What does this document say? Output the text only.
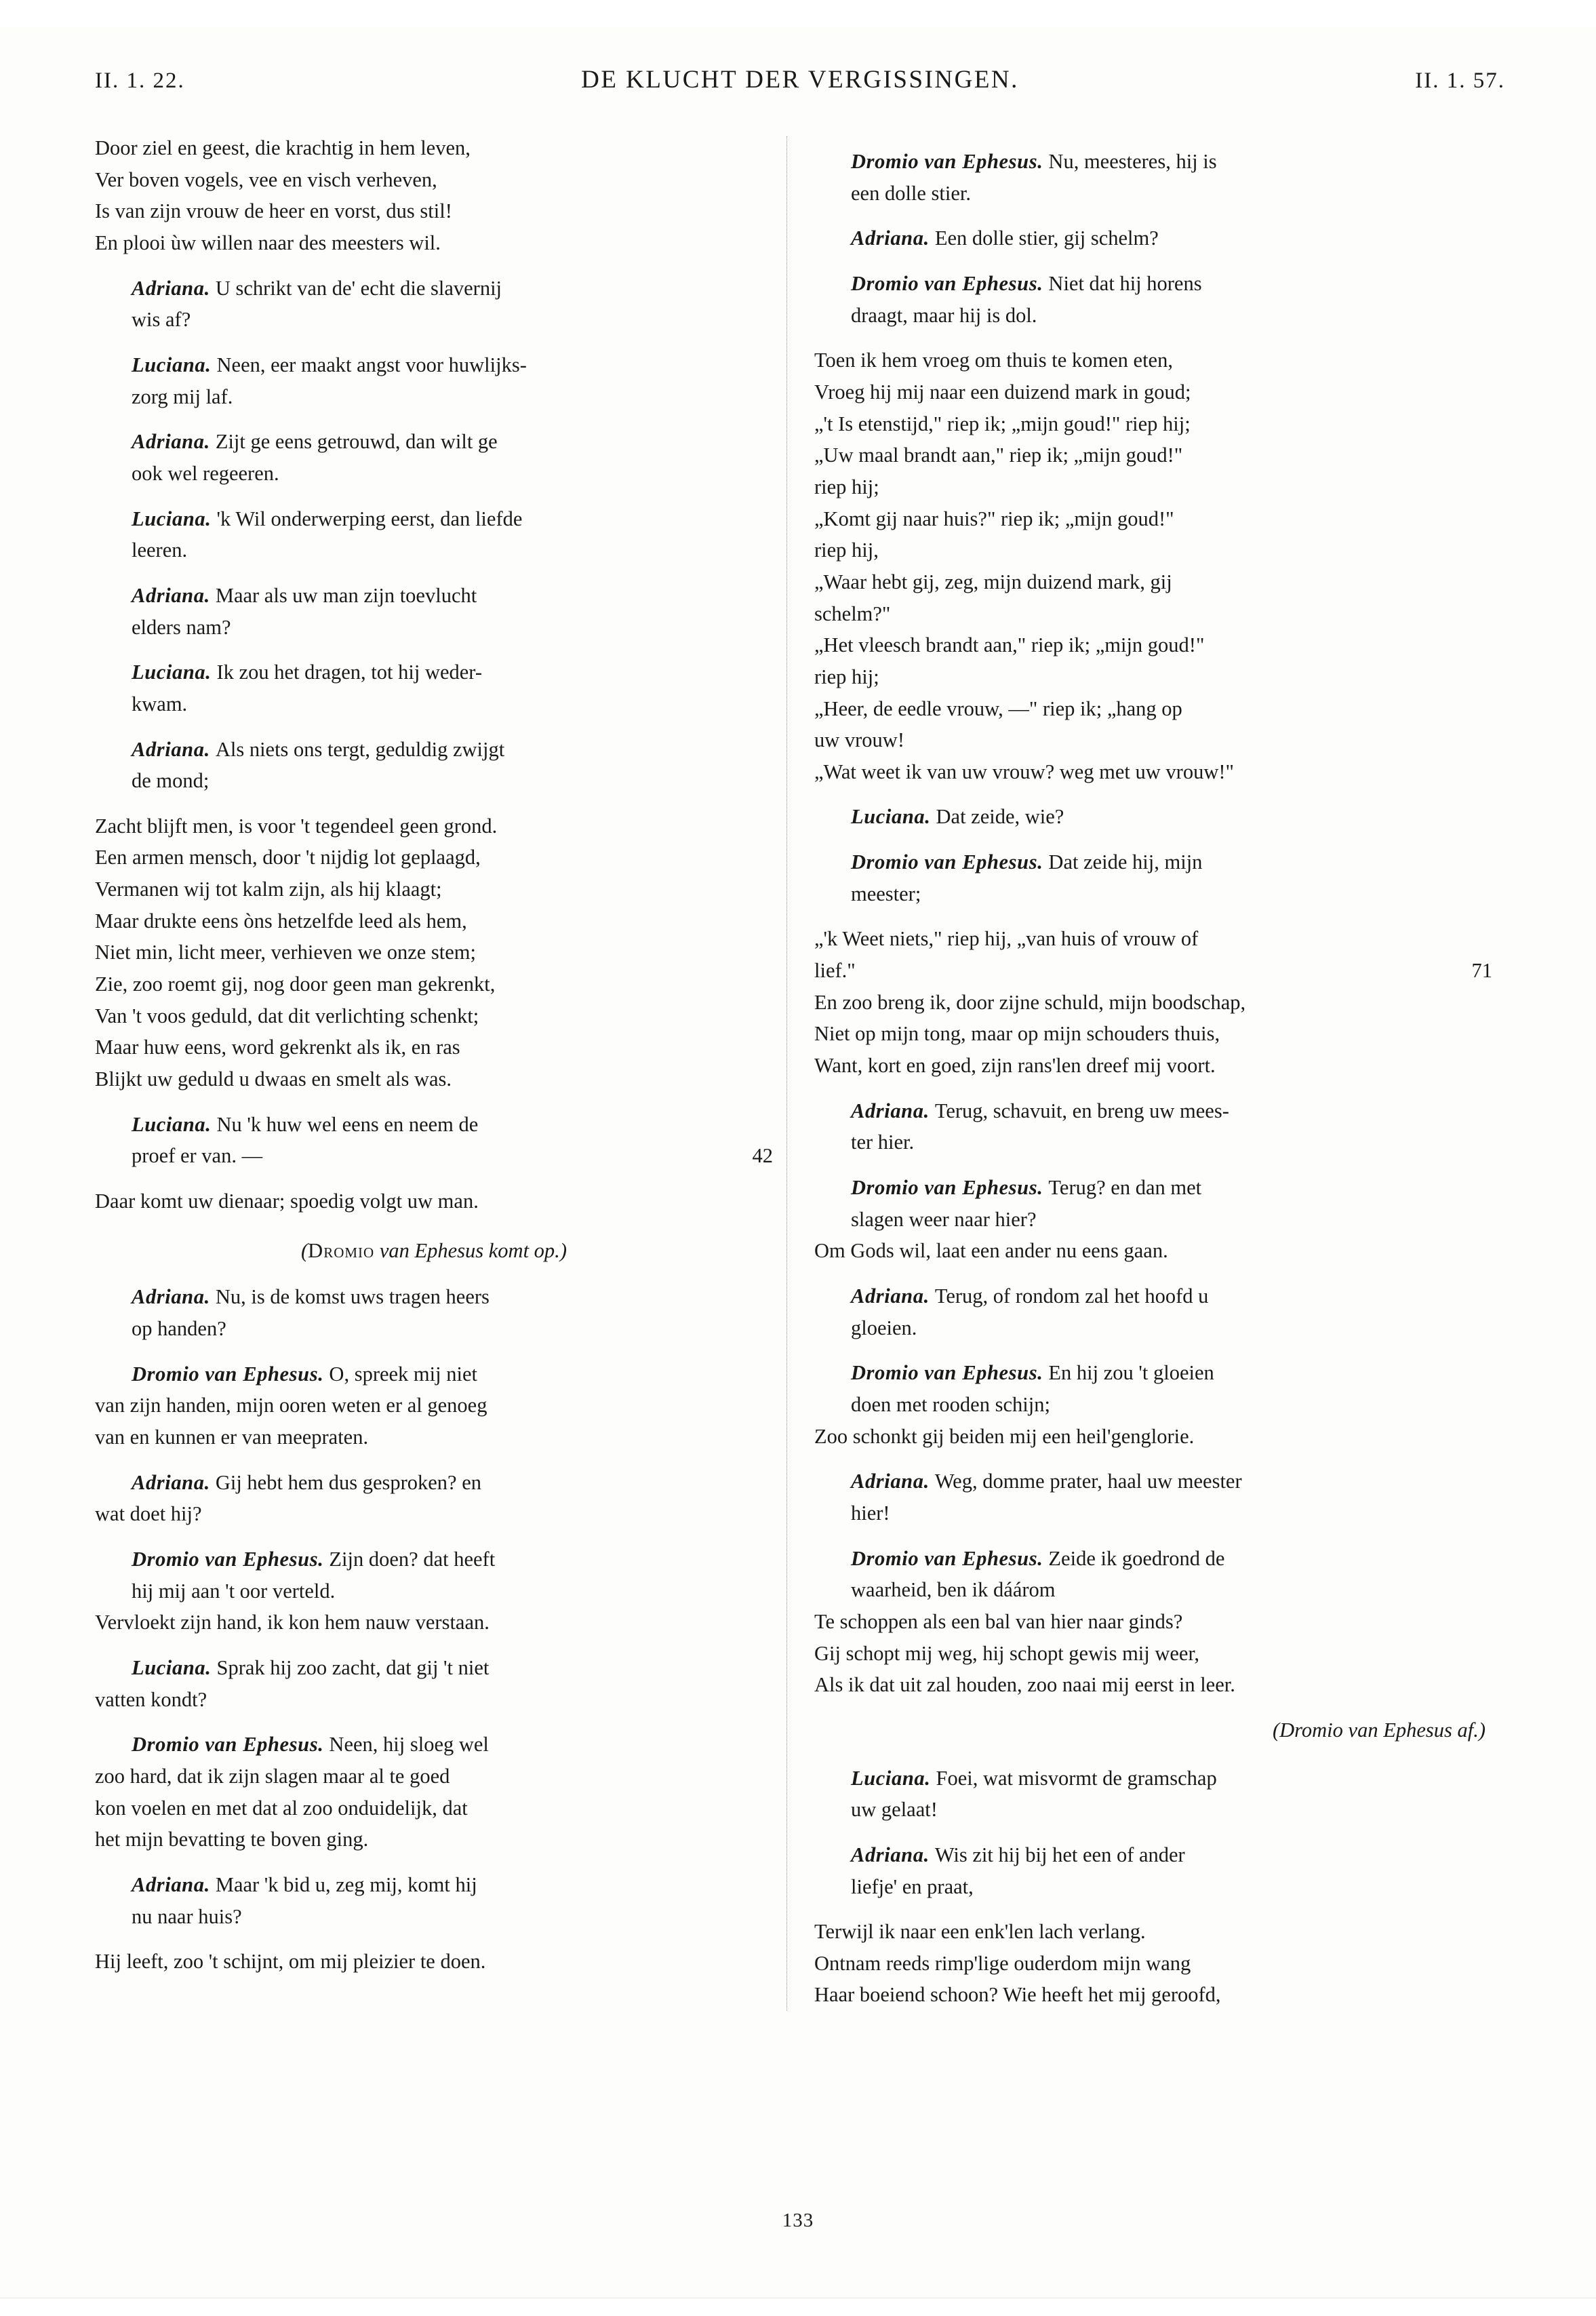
II. 1. 22.	DE KLUCHT DER VERGISSINGEN.	II. 1. 57.
Door ziel en geest, die krachtig in hem leven,
Ver boven vogels, vee en visch verheven,
Is van zijn vrouw de heer en vorst, dus stil!
En plooi ùw willen naar des meesters wil.
Adriana. U schrikt van de' echt die slavernij
wis af?
Luciana. Neen, eer maakt angst voor huwlijks-
zorg mij laf.
Adriana. Zijt ge eens getrouwd, dan wilt ge
ook wel regeeren.
Luciana. 'k Wil onderwerping eerst, dan liefde
leeren.
Adriana. Maar als uw man zijn toevlucht
elders nam?
Luciana. Ik zou het dragen, tot hij weder-
kwam.
Adriana. Als niets ons tergt, geduldig zwijgt
de mond;
Zacht blijft men, is voor 't tegendeel geen grond.
Een armen mensch, door 't nijdig lot geplaagd,
Vermanen wij tot kalm zijn, als hij klaagt;
Maar drukte eens òns hetzelfde leed als hem,
Niet min, licht meer, verhieven we onze stem;
Zie, zoo roemt gij, nog door geen man gekrenkt,
Van 't voos geduld, dat dit verlichting schenkt;
Maar huw eens, word gekrenkt als ik, en ras
Blijkt uw geduld u dwaas en smelt als was.
Luciana. Nu 'k huw wel eens en neem de
proef er van. —	42
Daar komt uw dienaar; spoedig volgt uw man.
(Dromio van Ephesus komt op.)
Adriana. Nu, is de komst uws tragen heers
op handen?
Dromio van Ephesus. O, spreek mij niet
van zijn handen, mijn ooren weten er al genoeg
van en kunnen er van meepraten.
Adriana. Gij hebt hem dus gesproken? en
wat doet hij?
Dromio van Ephesus. Zijn doen? dat heeft
hij mij aan 't oor verteld.
Vervloekt zijn hand, ik kon hem nauw verstaan.
Luciana. Sprak hij zoo zacht, dat gij 't niet
vatten kondt?
Dromio van Ephesus. Neen, hij sloeg wel
zoo hard, dat ik zijn slagen maar al te goed
kon voelen en met dat al zoo onduidelijk, dat
het mijn bevatting te boven ging.
Adriana. Maar 'k bid u, zeg mij, komt hij
nu naar huis?
Hij leeft, zoo 't schijnt, om mij pleizier te doen.
Dromio van Ephesus. Nu, meesteres, hij is
een dolle stier.
Adriana. Een dolle stier, gij schelm?
Dromio van Ephesus. Niet dat hij horens
draagt, maar hij is dol.
Toen ik hem vroeg om thuis te komen eten,
Vroeg hij mij naar een duizend mark in goud;
„'t Is etenstijd," riep ik; „mijn goud!" riep hij;
„Uw maal brandt aan," riep ik; „mijn goud!"
riep hij;
„Komt gij naar huis?" riep ik; „mijn goud!"
riep hij,
„Waar hebt gij, zeg, mijn duizend mark, gij
schelm?"
„Het vleesch brandt aan," riep ik; „mijn goud!"
riep hij;
„Heer, de eedle vrouw, —" riep ik; „hang op
uw vrouw!
„Wat weet ik van uw vrouw? weg met uw vrouw!"
Luciana. Dat zeide, wie?
Dromio van Ephesus. Dat zeide hij, mijn
meester;
„'k Weet niets," riep hij, „van huis of vrouw of
lief."	71
En zoo breng ik, door zijne schuld, mijn boodschap,
Niet op mijn tong, maar op mijn schouders thuis,
Want, kort en goed, zijn rans'len dreef mij voort.
Adriana. Terug, schavuit, en breng uw mees-
ter hier.
Dromio van Ephesus. Terug? en dan met
slagen weer naar hier?
Om Gods wil, laat een ander nu eens gaan.
Adriana. Terug, of rondom zal het hoofd u
gloeien.
Dromio van Ephesus. En hij zou 't gloeien
doen met rooden schijn;
Zoo schonkt gij beiden mij een heil'genglorie.
Adriana. Weg, domme prater, haal uw meester
hier!
Dromio van Ephesus. Zeide ik goedrond de
waarheid, ben ik dáárom
Te schoppen als een bal van hier naar ginds?
Gij schopt mij weg, hij schopt gewis mij weer,
Als ik dat uit zal houden, zoo naai mij eerst in leer.
(Dromio van Ephesus af.)
Luciana. Foei, wat misvormt de gramschap
uw gelaat!
Adriana. Wis zit hij bij het een of ander
liefje' en praat,
Terwijl ik naar een enk'len lach verlang.
Ontnam reeds rimp'lige ouderdom mijn wang
Haar boeiend schoon? Wie heeft het mij geroofd,
133
